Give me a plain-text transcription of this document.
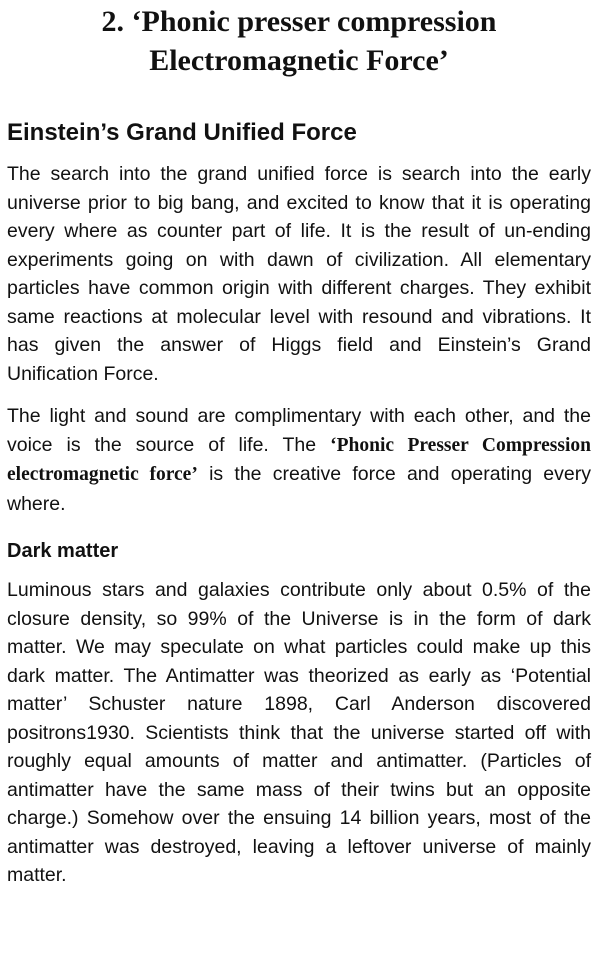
2. ‘Phonic presser compression
Electromagnetic Force’
Einstein’s Grand Unified Force

The search into the grand unified force is search into the early universe prior to big bang, and excited to know that it is operating every where as counter part of life. It is the result of un-ending experiments going on with dawn of civilization. All elementary particles have common origin with different charges. They exhibit same reactions at molecular level with resound and vibrations. It has given the answer of Higgs field and Einstein’s Grand Unification Force.

The light and sound are complimentary with each other, and the voice is the source of life. The ‘Phonic Presser Compression electromagnetic force’ is the creative force and operating every where.

Dark matter

Luminous stars and galaxies contribute only about 0.5% of the closure density, so 99% of the Universe is in the form of dark matter. We may speculate on what particles could make up this dark matter. The Antimatter was theorized as early as ‘Potential matter’ Schuster nature 1898, Carl Anderson discovered positrons1930. Scientists think that the universe started off with roughly equal amounts of matter and antimatter. (Particles of antimatter have the same mass of their twins but an opposite charge.) Somehow over the ensuing 14 billion years, most of the antimatter was destroyed, leaving a leftover universe of mainly matter.
